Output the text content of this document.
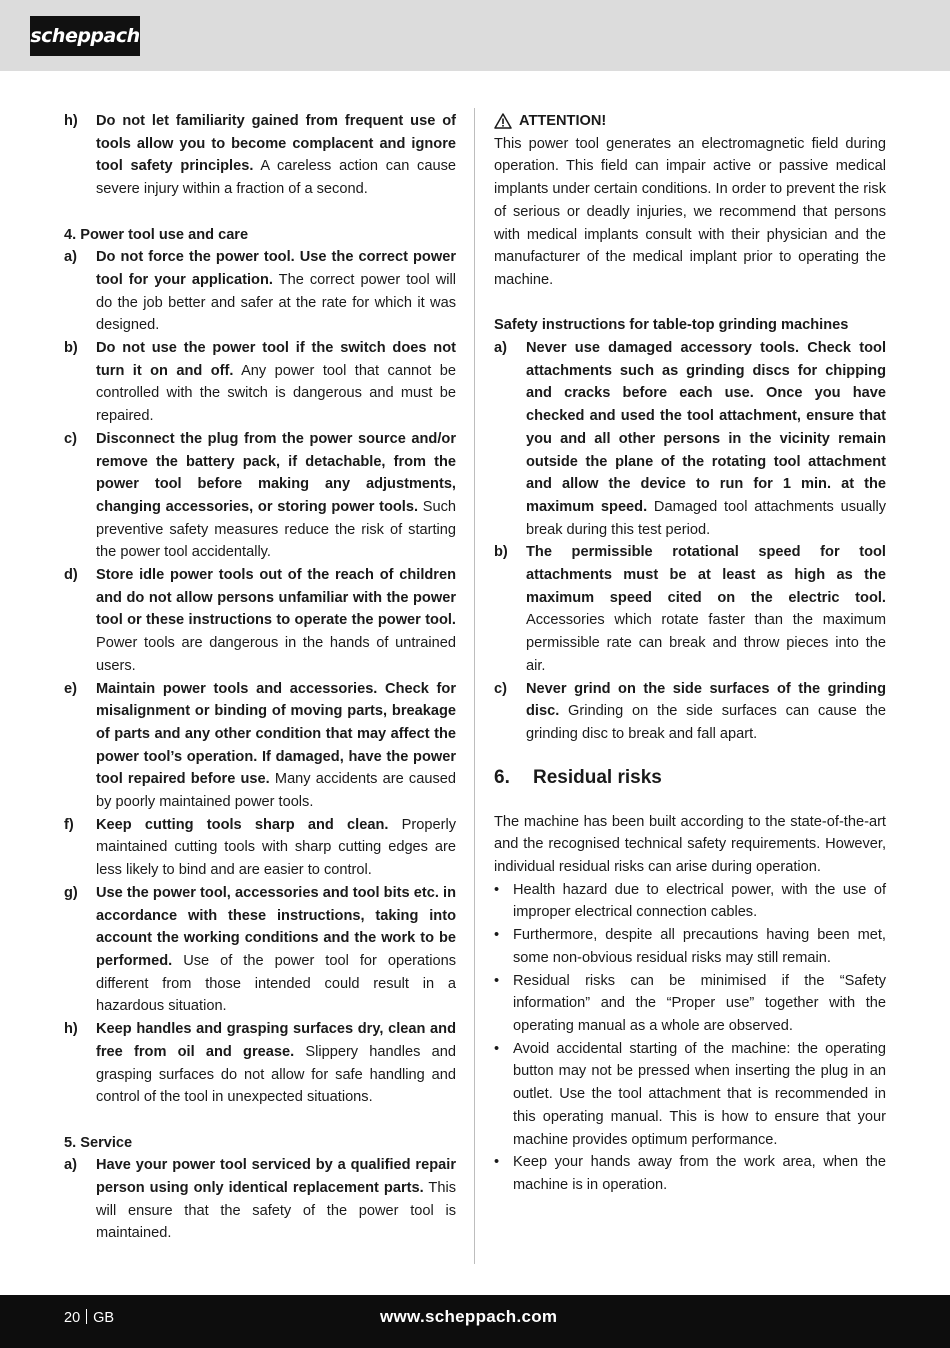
scheppach
h)	Do not let familiarity gained from frequent use of tools allow you to become complacent and ignore tool safety principles. A careless action can cause severe injury within a fraction of a second.
4. Power tool use and care
a)	Do not force the power tool. Use the correct power tool for your application. The correct power tool will do the job better and safer at the rate for which it was designed.
b)	Do not use the power tool if the switch does not turn it on and off. Any power tool that cannot be controlled with the switch is dangerous and must be repaired.
c)	Disconnect the plug from the power source and/or remove the battery pack, if detachable, from the power tool before making any adjustments, changing accessories, or storing power tools. Such preventive safety measures reduce the risk of starting the power tool accidentally.
d)	Store idle power tools out of the reach of children and do not allow persons unfamiliar with the power tool or these instructions to operate the power tool. Power tools are dangerous in the hands of untrained users.
e)	Maintain power tools and accessories. Check for misalignment or binding of moving parts, breakage of parts and any other condition that may affect the power tool’s operation. If damaged, have the power tool repaired before use. Many accidents are caused by poorly maintained power tools.
f)	Keep cutting tools sharp and clean. Properly maintained cutting tools with sharp cutting edges are less likely to bind and are easier to control.
g)	Use the power tool, accessories and tool bits etc. in accordance with these instructions, taking into account the working conditions and the work to be performed. Use of the power tool for operations different from those intended could result in a hazardous situation.
h)	Keep handles and grasping surfaces dry, clean and free from oil and grease. Slippery handles and grasping surfaces do not allow for safe handling and control of the tool in unexpected situations.
5. Service
a)	Have your power tool serviced by a qualified repair person using only identical replacement parts. This will ensure that the safety of the power tool is maintained.
ATTENTION!

This power tool generates an electromagnetic field during operation. This field can impair active or passive medical implants under certain conditions. In order to prevent the risk of serious or deadly injuries, we recommend that persons with medical implants consult with their physician and the manufacturer of the medical implant prior to operating the machine.

Safety instructions for table-top grinding machines
a)	Never use damaged accessory tools. Check tool attachments such as grinding discs for chipping and cracks before each use. Once you have checked and used the tool attachment, ensure that you and all other persons in the vicinity remain outside the plane of the rotating tool attachment and allow the device to run for 1 min. at the maximum speed. Damaged tool attachments usually break during this test period.
b)	The permissible rotational speed for tool attachments must be at least as high as the maximum speed cited on the electric tool. Accessories which rotate faster than the maximum permissible rate can break and throw pieces into the air.
c)	Never grind on the side surfaces of the grinding disc. Grinding on the side surfaces can cause the grinding disc to break and fall apart.
6.	Residual risks

The machine has been built according to the state-of-the-art and the recognised technical safety requirements. However, individual residual risks can arise during operation.

• Health hazard due to electrical power, with the use of improper electrical connection cables.
• Furthermore, despite all precautions having been met, some non-obvious residual risks may still remain.
• Residual risks can be minimised if the “Safety information” and the “Proper use” together with the operating manual as a whole are observed.
• Avoid accidental starting of the machine: the operating button may not be pressed when inserting the plug in an outlet. Use the tool attachment that is recommended in this operating manual. This is how to ensure that your machine provides optimum performance.
• Keep your hands away from the work area, when the machine is in operation.
20 GB	www.scheppach.com
